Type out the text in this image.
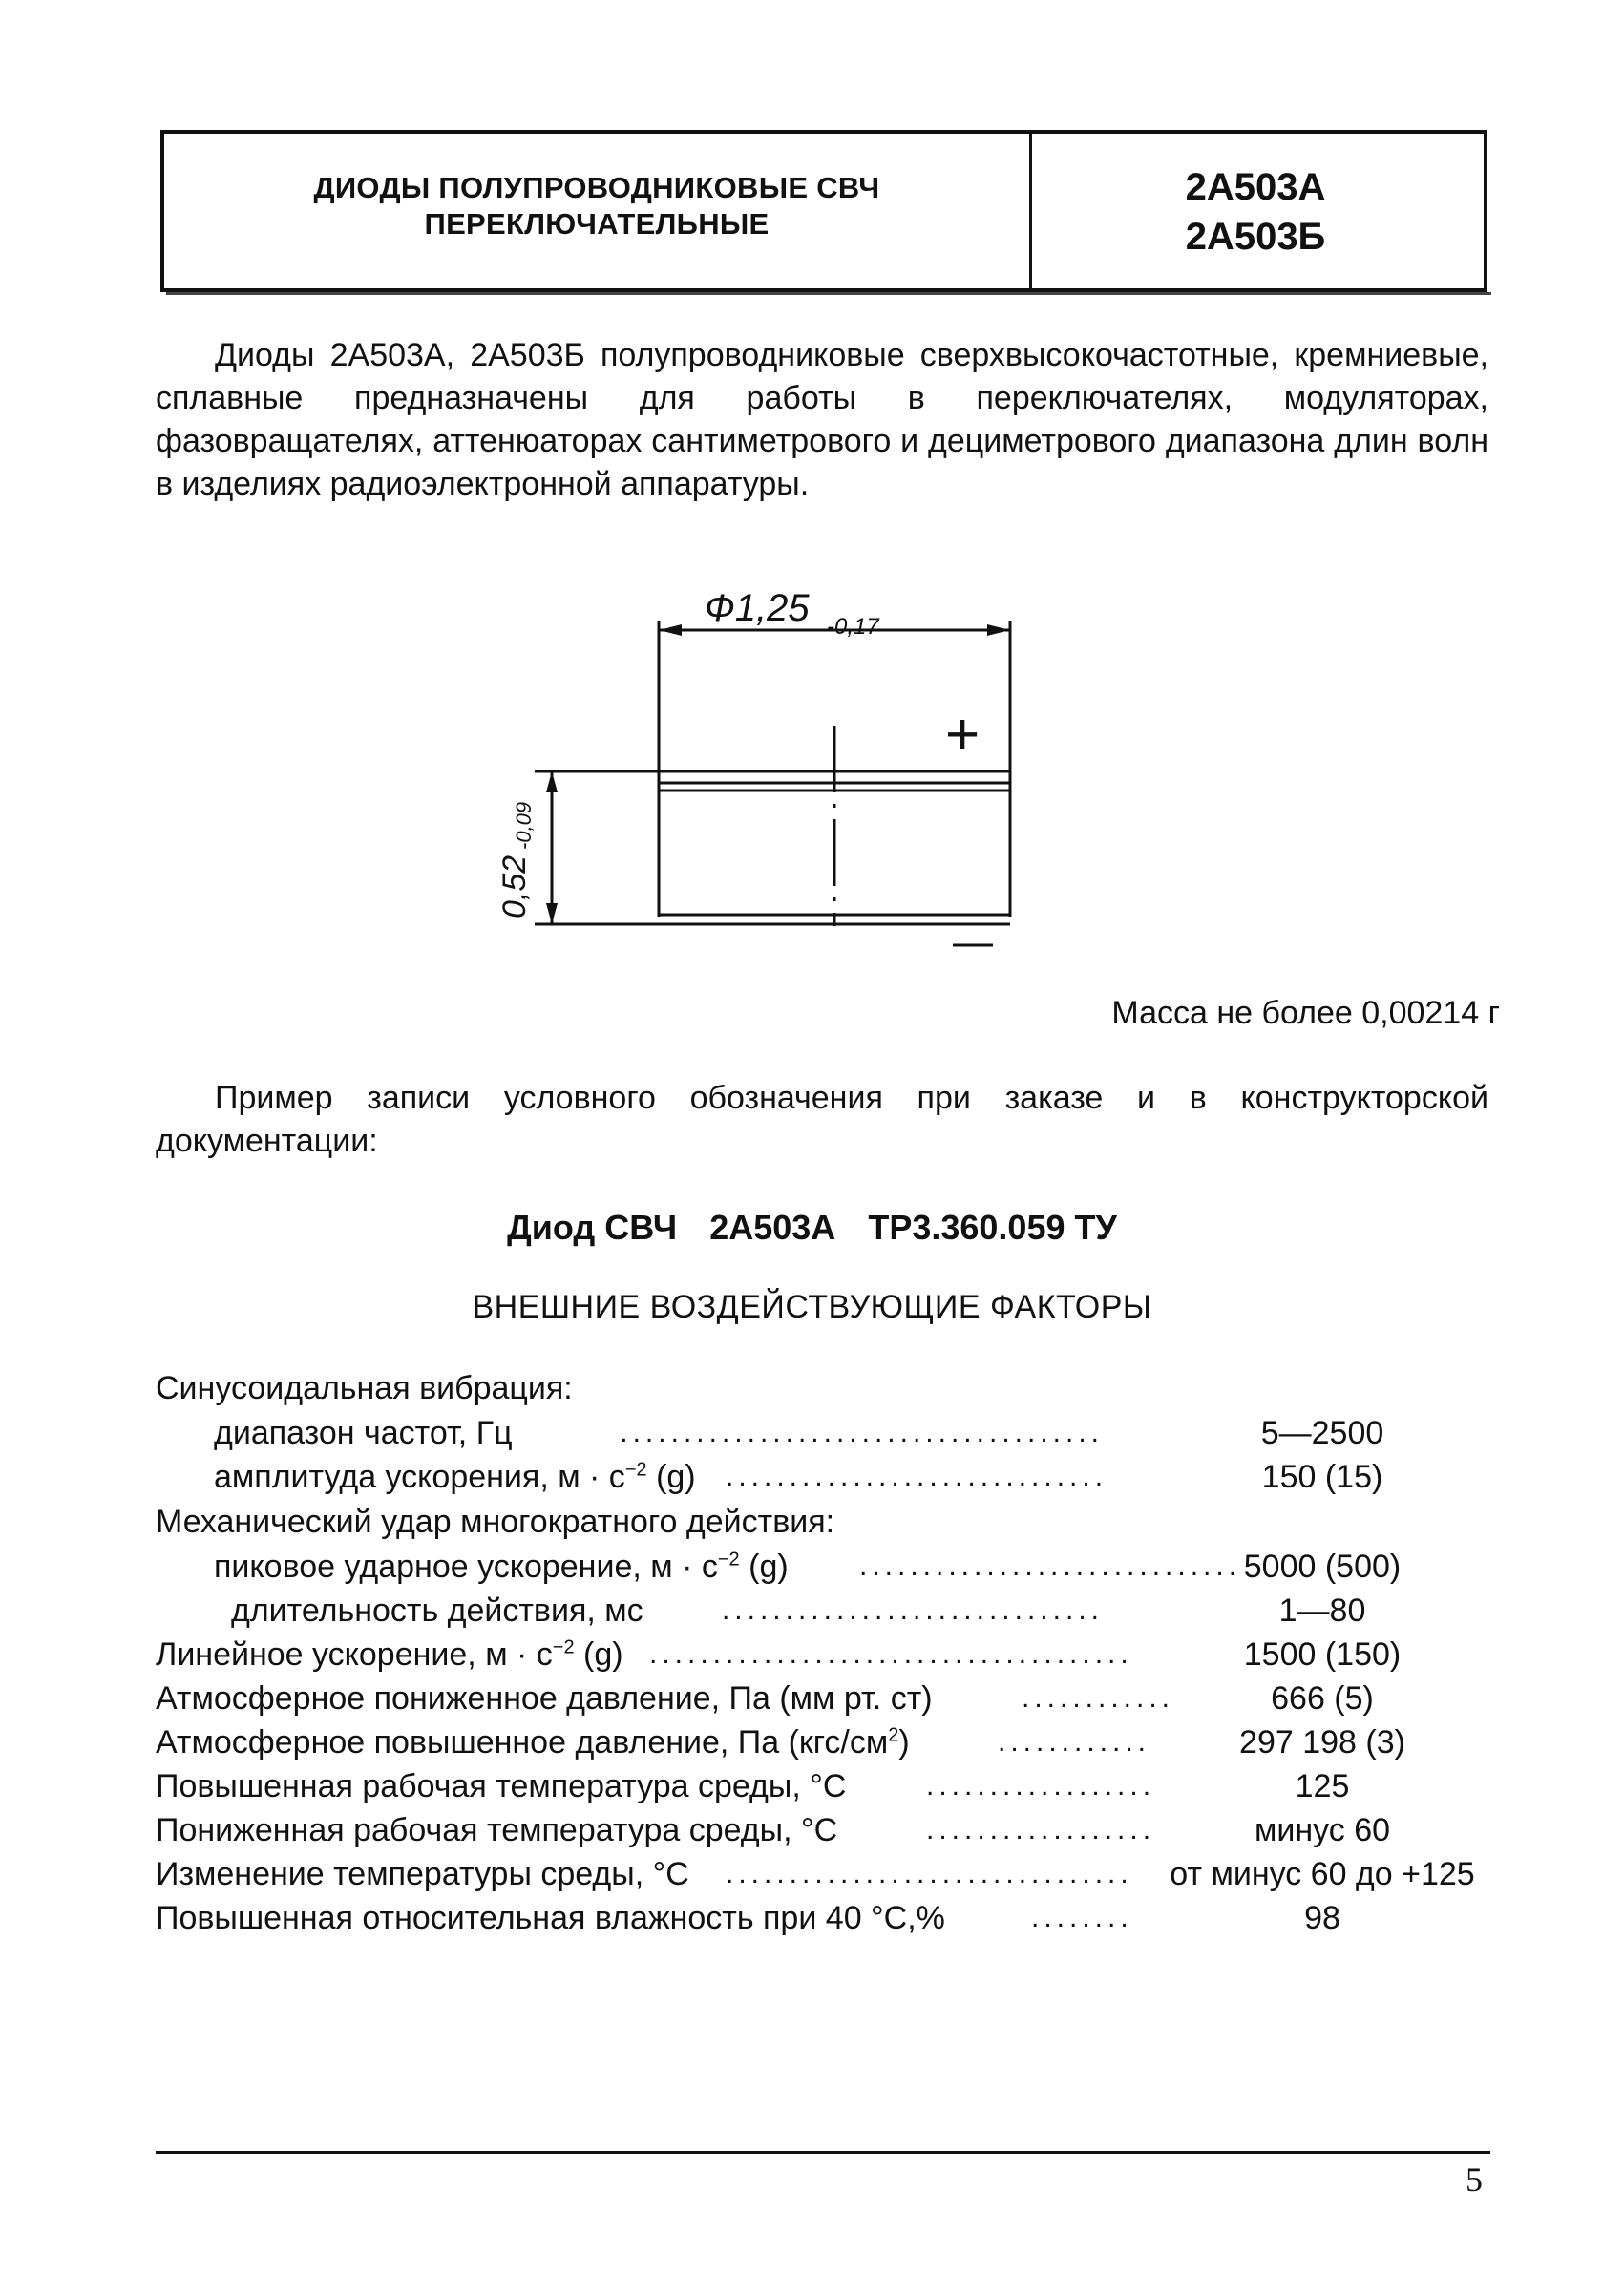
ДИОДЫ ПОЛУПРОВОДНИКОВЫЕ СВЧ
ПЕРЕКЛЮЧАТЕЛЬНЫЕ
2А503А
2А503Б
Диоды 2А503А, 2А503Б полупроводниковые сверхвысокочастотные, кремниевые, сплавные предназначены для работы в переключателях, модуляторах, фазовращателях, аттенюаторах сантиметрового и дециметрового диапазона длин волн в изделиях радиоэлектронной аппаратуры.
Ф1,25 -0,17
+
0,52
-0,09
Масса не более 0,00214 г
Пример записи условного обозначения при заказе и в конструкторской документации:
Диод СВЧ 2А503А ТР3.360.059 ТУ
ВНЕШНИЕ ВОЗДЕЙСТВУЮЩИЕ ФАКТОРЫ
Синусоидальная вибрация:
......................................
диапазон частот, Гц	5—2500
..............................
амплитуда ускорения, $м \cdot с^{-2}$ (g)	150 (15)
Механический удар многократного действия:
..............................
пиковое ударное ускорение, $м \cdot с^{-2}$ (g)	5000 (500)
..............................
длительность действия, мс	1—80
......................................
Линейное ускорение, $м \cdot с^{-2}$ (g)	1500 (150)
............
Атмосферное пониженное давление, Па (мм рт. ст)	666 (5)
............
Атмосферное повышенное давление, Па $(кгс/см^2)$	297 198 (3)
..................
Повышенная рабочая температура среды, °С	125
..................
Пониженная рабочая температура среды, °С	минус 60
................................
Изменение температуры среды, °С	от минус 60 до +125
........
Повышенная относительная влажность при 40 °С,%	98
5
